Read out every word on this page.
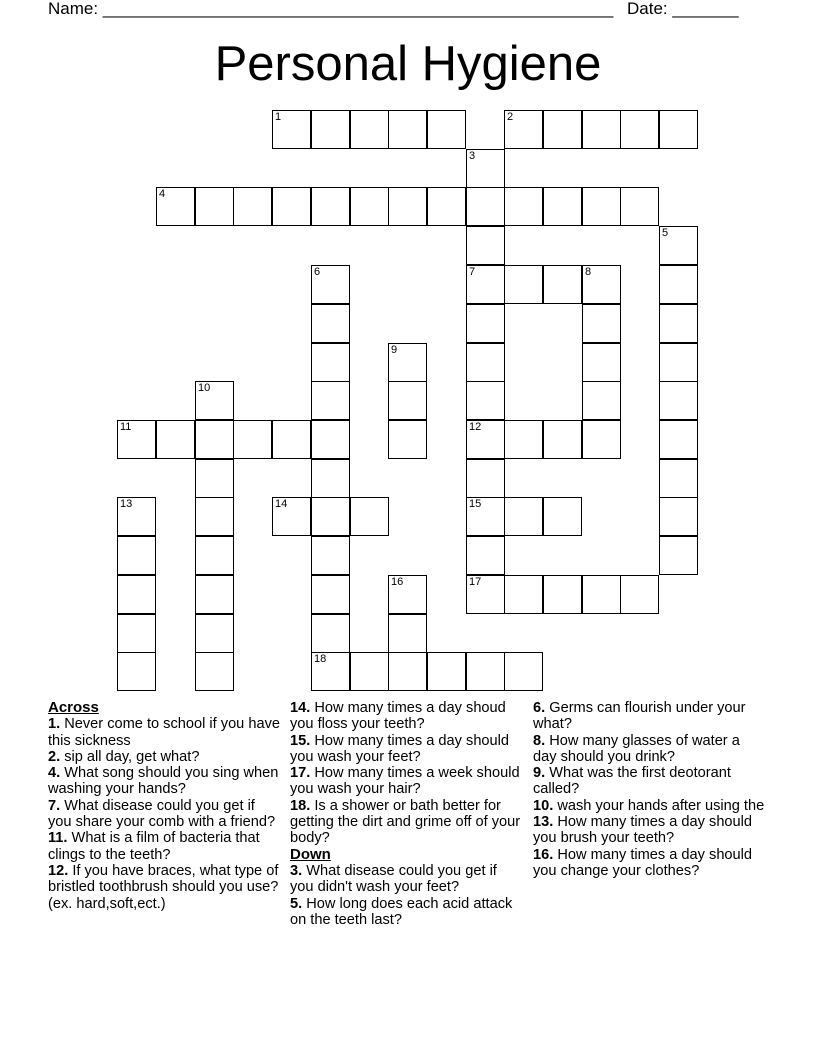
Name: ______________________________________________________ Date: _______
Personal Hygiene
1	2
3
4
5
6	7	8
9
10
11	12
13	14	15
16	17
18

Across

1. Never come to school if you have this sickness

2. sip all day, get what?

4. What song should you sing when washing your hands?

7. What disease could you get if you share your comb with a friend?

11. What is a film of bacteria that clings to the teeth?

12. If you have braces, what type of bristled toothbrush should you use? (ex. hard,soft,ect.)

14. How many times a day shoud you floss your teeth?

15. How many times a day should you wash your feet?

17. How many times a week should you wash your hair?

18. Is a shower or bath better for getting the dirt and grime off of your body?

Down

3. What disease could you get if you didn't wash your feet?

5. How long does each acid attack on the teeth last?

6. Germs can flourish under your what?

8. How many glasses of water a day should you drink?

9. What was the first deotorant called?

10. wash your hands after using the

13. How many times a day should you brush your teeth?

16. How many times a day should you change your clothes?
